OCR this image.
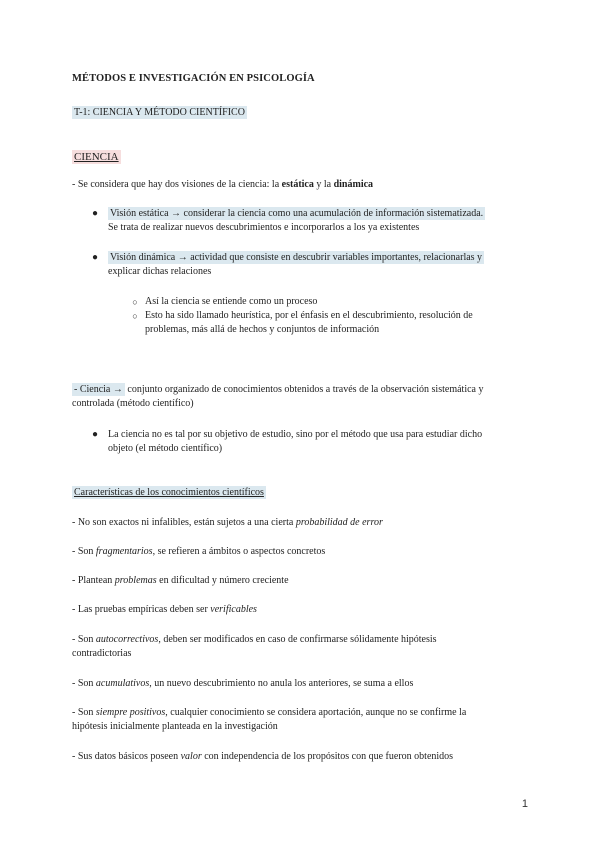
MÉTODOS E INVESTIGACIÓN EN PSICOLOGÍA
T-1: CIENCIA Y MÉTODO CIENTÍFICO
CIENCIA
- Se considera que hay dos visiones de la ciencia: la estática y la dinámica
● Visión estática → considerar la ciencia como una acumulación de información sistematizada.
Se trata de realizar nuevos descubrimientos e incorporarlos a los ya existentes
● Visión dinámica → actividad que consiste en descubrir variables importantes, relacionarlas y
explicar dichas relaciones
○ Así la ciencia se entiende como un proceso
○ Esto ha sido llamado heurística, por el énfasis en el descubrimiento, resolución de
problemas, más allá de hechos y conjuntos de información
- Ciencia → conjunto organizado de conocimientos obtenidos a través de la observación sistemática y
controlada (método científico)
● La ciencia no es tal por su objetivo de estudio, sino por el método que usa para estudiar dicho
objeto (el método científico)
Características de los conocimientos científicos
- No son exactos ni infalibles, están sujetos a una cierta probabilidad de error
- Son fragmentarios, se refieren a ámbitos o aspectos concretos
- Plantean problemas en dificultad y número creciente
- Las pruebas empíricas deben ser verificables
- Son autocorrectivos, deben ser modificados en caso de confirmarse sólidamente hipótesis
contradictorias
- Son acumulativos, un nuevo descubrimiento no anula los anteriores, se suma a ellos
- Son siempre positivos, cualquier conocimiento se considera aportación, aunque no se confirme la
hipótesis inicialmente planteada en la investigación
- Sus datos básicos poseen valor con independencia de los propósitos con que fueron obtenidos
1
